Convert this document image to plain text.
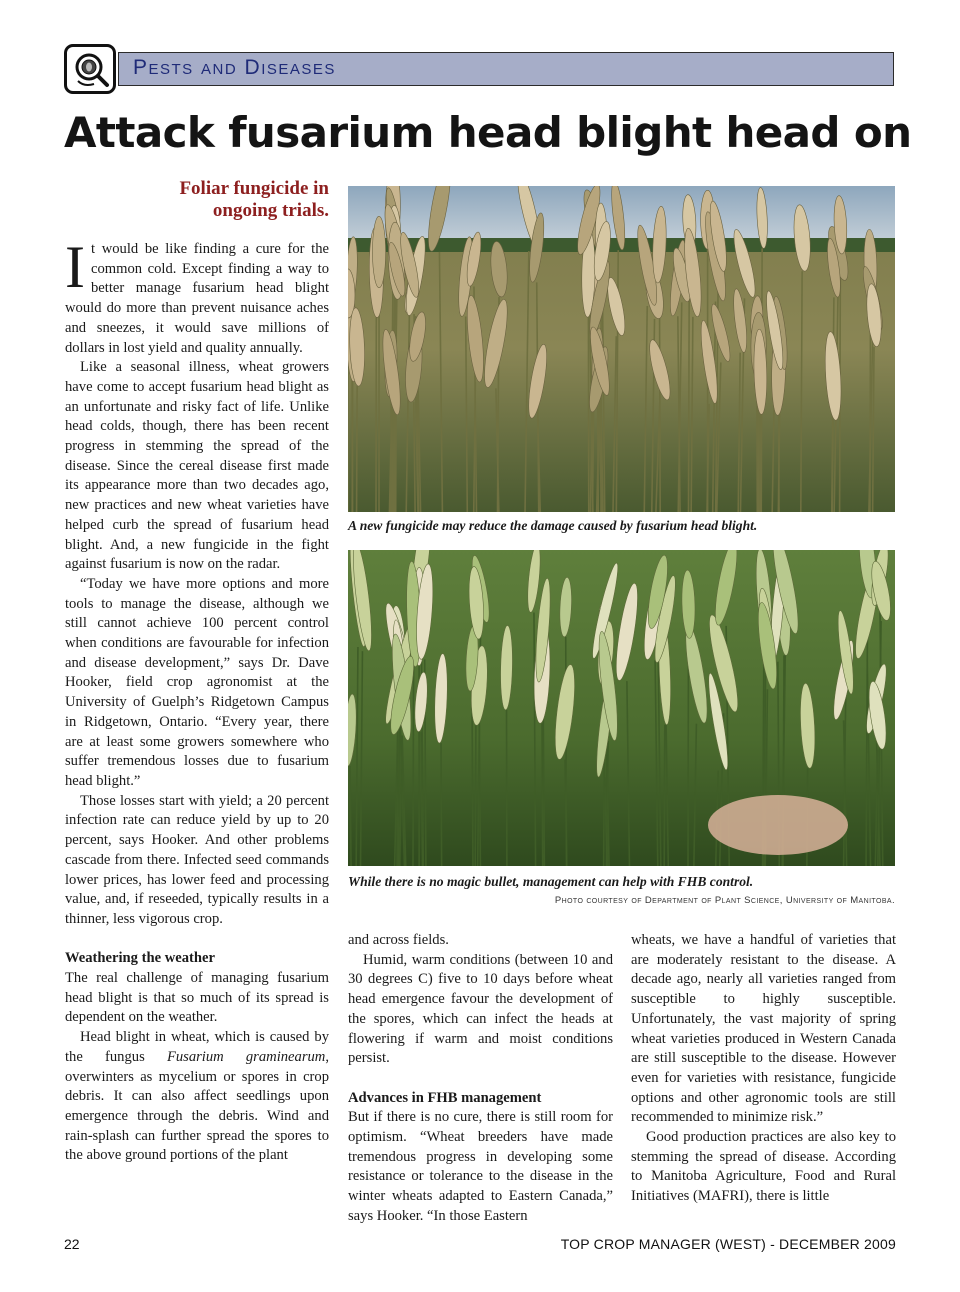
Pests and Diseases
Attack fusarium head blight head on

Foliar fungicide in ongoing trials.

It would be like finding a cure for the common cold. Except finding a way to better manage fusarium head blight would do more than prevent nuisance aches and sneezes, it would save millions of dollars in lost yield and quality annually.

Like a seasonal illness, wheat growers have come to accept fusarium head blight as an unfortunate and risky fact of life. Unlike head colds, though, there has been recent progress in stemming the spread of the disease. Since the cereal disease first made its appearance more than two decades ago, new practices and new wheat varieties have helped curb the spread of fusarium head blight. And, a new fungicide in the fight against fusarium is now on the radar.

“Today we have more options and more tools to manage the disease, although we still cannot achieve 100 percent control when conditions are favourable for infection and disease development,” says Dr. Dave Hooker, field crop agronomist at the University of Guelph’s Ridgetown Campus in Ridgetown, Ontario. “Every year, there are at least some growers somewhere who suffer tremendous losses due to fusarium head blight.”

Those losses start with yield; a 20 percent infection rate can reduce yield by up to 20 percent, says Hooker. And other problems cascade from there. Infected seed commands lower prices, has lower feed and processing value, and, if reseeded, typically results in a thinner, less vigorous crop.

Weathering the weather

The real challenge of managing fusarium head blight is that so much of its spread is dependent on the weather.

Head blight in wheat, which is caused by the fungus Fusarium graminearum, overwinters as mycelium or spores in crop debris. It can also affect seedlings upon emergence through the debris. Wind and rain-splash can further spread the spores to the above ground portions of the plant

A new fungicide may reduce the damage caused by fusarium head blight.
While there is no magic bullet, management can help with FHB control.
Photo courtesy of Department of Plant Science, University of Manitoba.

and across fields.

Humid, warm conditions (between 10 and 30 degrees C) five to 10 days before wheat head emergence favour the development of the spores, which can infect the heads at flowering if warm and moist conditions persist.

Advances in FHB management

But if there is no cure, there is still room for optimism. “Wheat breeders have made tremendous progress in developing some resistance or tolerance to the disease in the winter wheats adapted to Eastern Canada,” says Hooker. “In those Eastern

wheats, we have a handful of varieties that are moderately resistant to the disease. A decade ago, nearly all varieties ranged from susceptible to highly susceptible. Unfortunately, the vast majority of spring wheat varieties produced in Western Canada are still susceptible to the disease. However even for varieties with resistance, fungicide options and other agronomic tools are still recommended to minimize risk.”

Good production practices are also key to stemming the spread of disease. According to Manitoba Agriculture, Food and Rural Initiatives (MAFRI), there is little

22	TOP CROP MANAGER (WEST) - DECEMBER 2009
